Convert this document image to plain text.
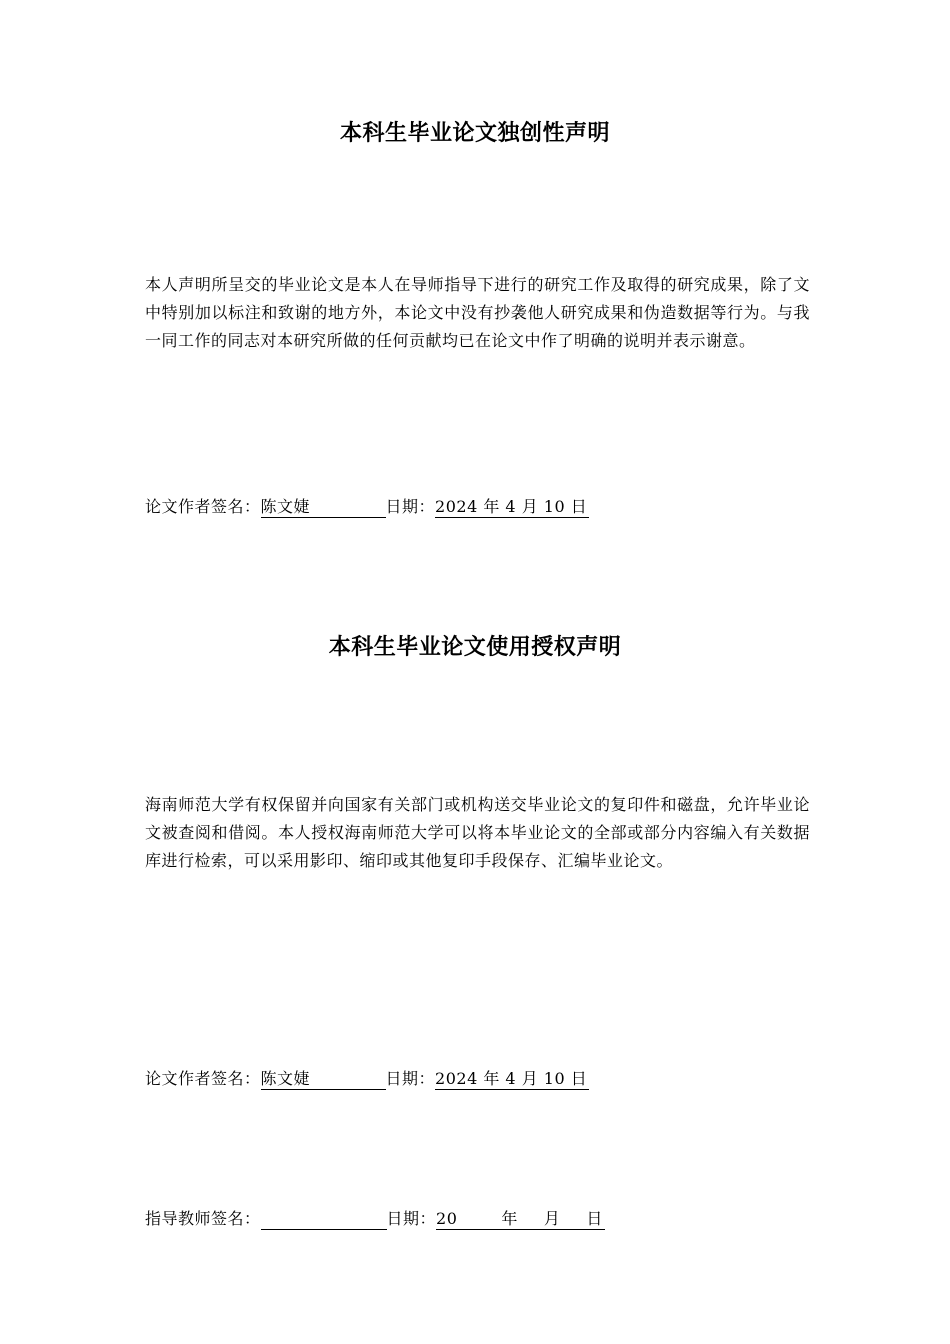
本科生毕业论文独创性声明
本人声明所呈交的毕业论文是本人在导师指导下进行的研究工作及取得的研究成果，除了文中特别加以标注和致谢的地方外，本论文中没有抄袭他人研究成果和伪造数据等行为。与我一同工作的同志对本研究所做的任何贡献均已在论文中作了明确的说明并表示谢意。
论文作者签名：陈文婕	日期：2024 年 4 月 10 日
本科生毕业论文使用授权声明
海南师范大学有权保留并向国家有关部门或机构送交毕业论文的复印件和磁盘，允许毕业论文被查阅和借阅。本人授权海南师范大学可以将本毕业论文的全部或部分内容编入有关数据库进行检索，可以采用影印、缩印或其他复印手段保存、汇编毕业论文。
论文作者签名：陈文婕	日期：2024 年 4 月 10 日
指导教师签名：	日期：20	年 月 日
